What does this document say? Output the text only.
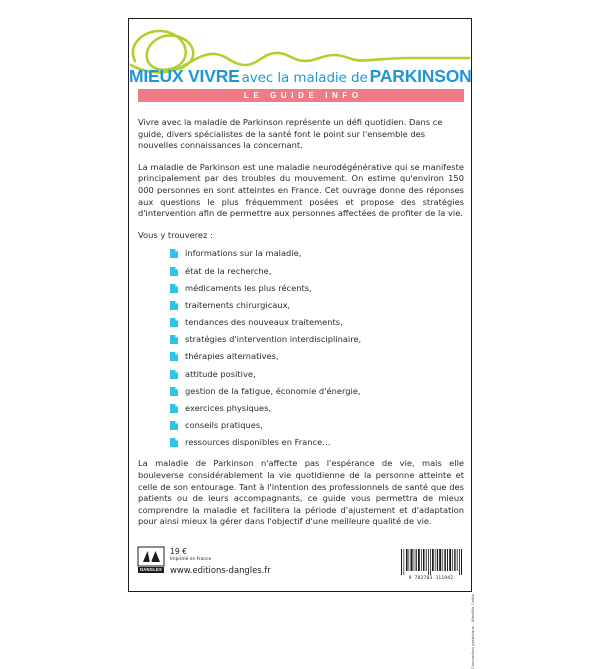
MIEUX VIVRE avec la maladie de PARKINSON
LE GUIDE INFO

Vivre avec la maladie de Parkinson représente un défi quotidien. Dans ce guide, divers spécialistes de la santé font le point sur l'ensemble des nouvelles connaissances la concernant.

La maladie de Parkinson est une maladie neurodégénérative qui se manifeste principalement par des troubles du mouvement. On estime qu'environ 150 000 personnes en sont atteintes en France. Cet ouvrage donne des réponses aux questions le plus fréquemment posées et propose des stratégies d'intervention afin de permettre aux personnes affectées de profiter de la vie.

Vous y trouverez :

informations sur la maladie,
état de la recherche,
médicaments les plus récents,
traitements chirurgicaux,
tendances des nouveaux traitements,
stratégies d'intervention interdisciplinaire,
thérapies alternatives,
attitude positive,
gestion de la fatigue, économie d'énergie,
exercices physiques,
conseils pratiques,
ressources disponibles en France…

La maladie de Parkinson n'affecte pas l'espérance de vie, mais elle bouleverse considérablement la vie quotidienne de la personne atteinte et celle de son entourage. Tant à l'intention des professionnels de santé que des patients ou de leurs accompagnants, ce guide vous permettra de mieux comprendre la maladie et facilitera la période d'ajustement et d'adaptation pour ainsi mieux la gérer dans l'objectif d'une meilleure qualité de vie.

DANGLES
19 €
Imprimé en France
www.editions-dangles.fr
9 782703 311942
Conception graphique : Ninaëlle Caltio
